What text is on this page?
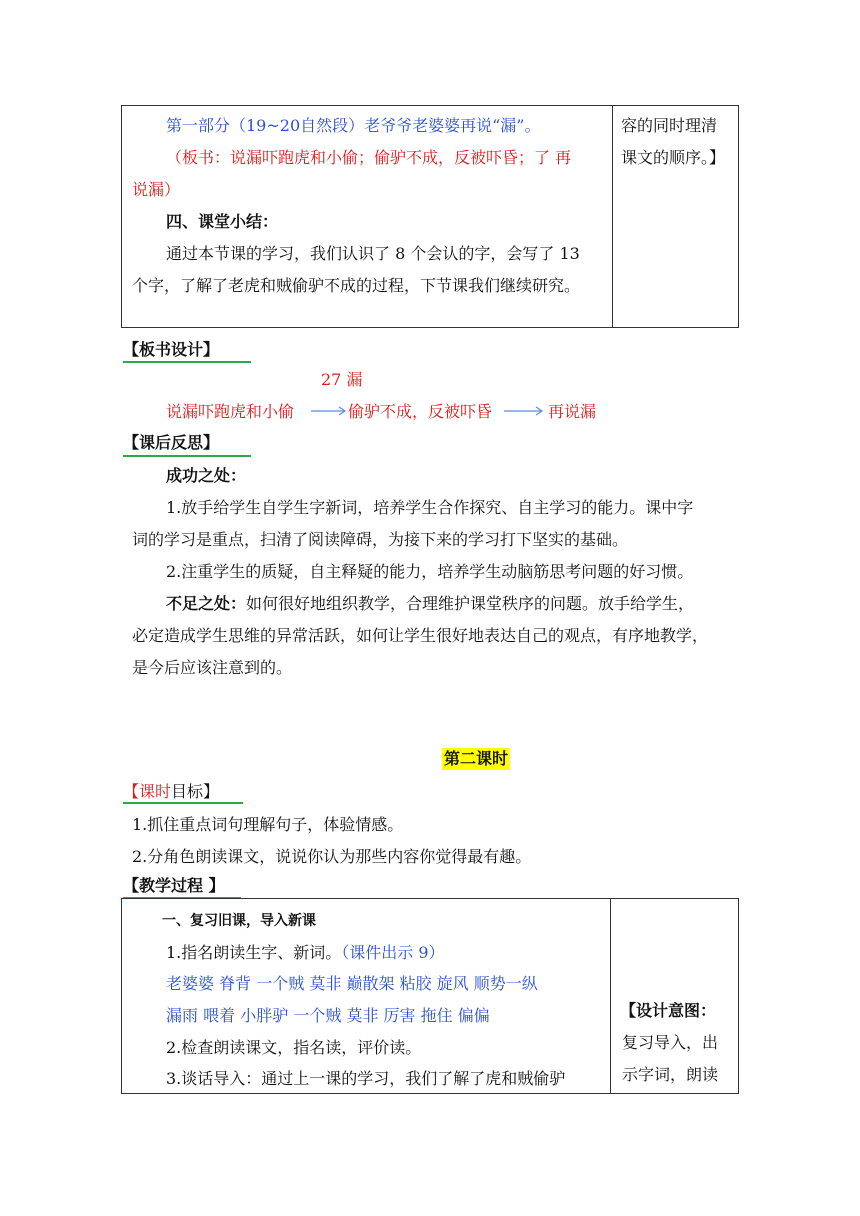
第一部分（19~20自然段）老爷爷老婆婆再说“漏”。
（板书：说漏吓跑虎和小偷；偷驴不成，反被吓昏；了 再
说漏）
四、课堂小结：
通过本节课的学习，我们认识了 8 个会认的字，会写了 13
个字，了解了老虎和贼偷驴不成的过程，下节课我们继续研究。
容的同时理清
课文的顺序。】
【板书设计】
27 漏
说漏吓跑虎和小偷	偷驴不成，反被吓昏	再说漏
【课后反思】
成功之处：
1.放手给学生自学生字新词，培养学生合作探究、自主学习的能力。课中字
词的学习是重点，扫清了阅读障碍，为接下来的学习打下坚实的基础。
2.注重学生的质疑，自主释疑的能力，培养学生动脑筋思考问题的好习惯。
不足之处：如何很好地组织教学，合理维护课堂秩序的问题。放手给学生，
必定造成学生思维的异常活跃，如何让学生很好地表达自己的观点，有序地教学，
是今后应该注意到的。
第二课时
【课时目标】
1.抓住重点词句理解句子，体验情感。
2.分角色朗读课文，说说你认为那些内容你觉得最有趣。
【教学过程 】
一、复习旧课，导入新课
1.指名朗读生字、新词。（课件出示 9）
老婆婆 脊背 一个贼 莫非 巅散架 粘胶 旋风 顺势一纵
漏雨 喂着 小胖驴 一个贼 莫非 厉害 拖住 偏偏
2.检查朗读课文，指名读，评价读。
3.谈话导入：通过上一课的学习，我们了解了虎和贼偷驴
【设计意图：
复习导入，出
示字词，朗读
